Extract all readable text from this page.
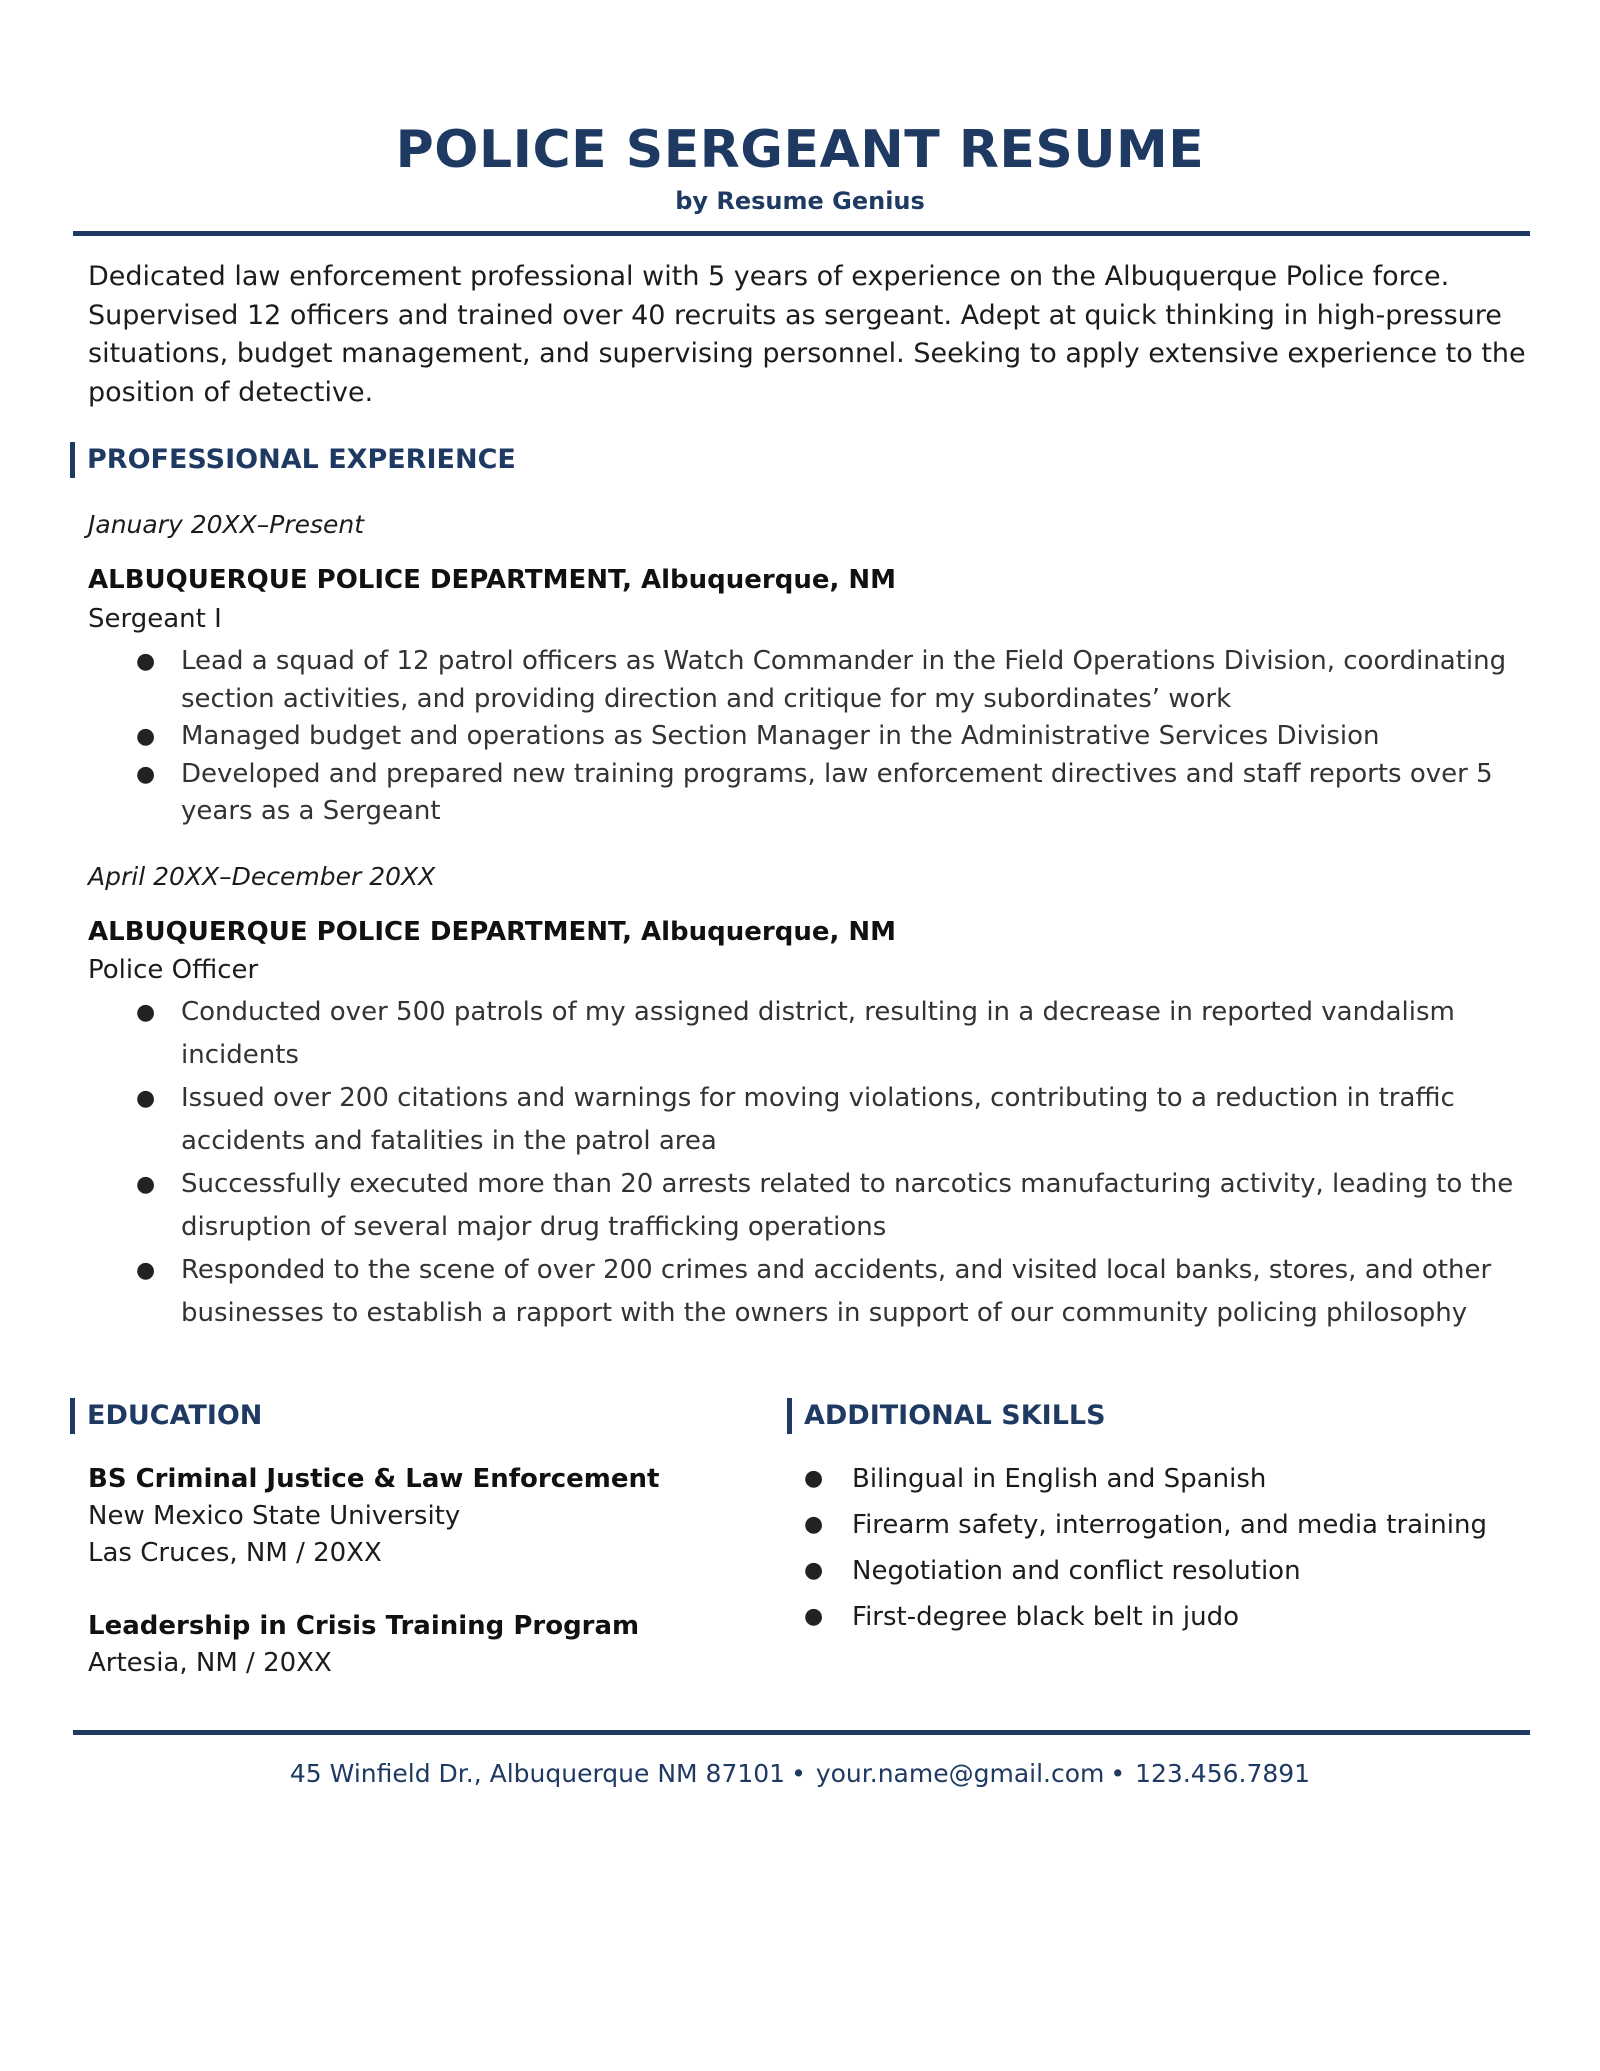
POLICE SERGEANT RESUME
by Resume Genius
Dedicated law enforcement professional with 5 years of experience on the Albuquerque Police force. Supervised 12 officers and trained over 40 recruits as sergeant. Adept at quick thinking in high-pressure situations, budget management, and supervising personnel. Seeking to apply extensive experience to the position of detective.
PROFESSIONAL EXPERIENCE
January 20XX–Present
ALBUQUERQUE POLICE DEPARTMENT, Albuquerque, NM
Sergeant I
● Lead a squad of 12 patrol officers as Watch Commander in the Field Operations Division, coordinating section activities, and providing direction and critique for my subordinates’ work
● Managed budget and operations as Section Manager in the Administrative Services Division
● Developed and prepared new training programs, law enforcement directives and staff reports over 5 years as a Sergeant
April 20XX–December 20XX
ALBUQUERQUE POLICE DEPARTMENT, Albuquerque, NM
Police Officer
● Conducted over 500 patrols of my assigned district, resulting in a decrease in reported vandalism incidents
● Issued over 200 citations and warnings for moving violations, contributing to a reduction in traffic accidents and fatalities in the patrol area
● Successfully executed more than 20 arrests related to narcotics manufacturing activity, leading to the disruption of several major drug trafficking operations
● Responded to the scene of over 200 crimes and accidents, and visited local banks, stores, and other businesses to establish a rapport with the owners in support of our community policing philosophy
EDUCATION
BS Criminal Justice & Law Enforcement
New Mexico State University
Las Cruces, NM / 20XX
Leadership in Crisis Training Program
Artesia, NM / 20XX
ADDITIONAL SKILLS
● Bilingual in English and Spanish
● Firearm safety, interrogation, and media training
● Negotiation and conflict resolution
● First-degree black belt in judo
45 Winfield Dr., Albuquerque NM 87101 • your.name@gmail.com • 123.456.7891
